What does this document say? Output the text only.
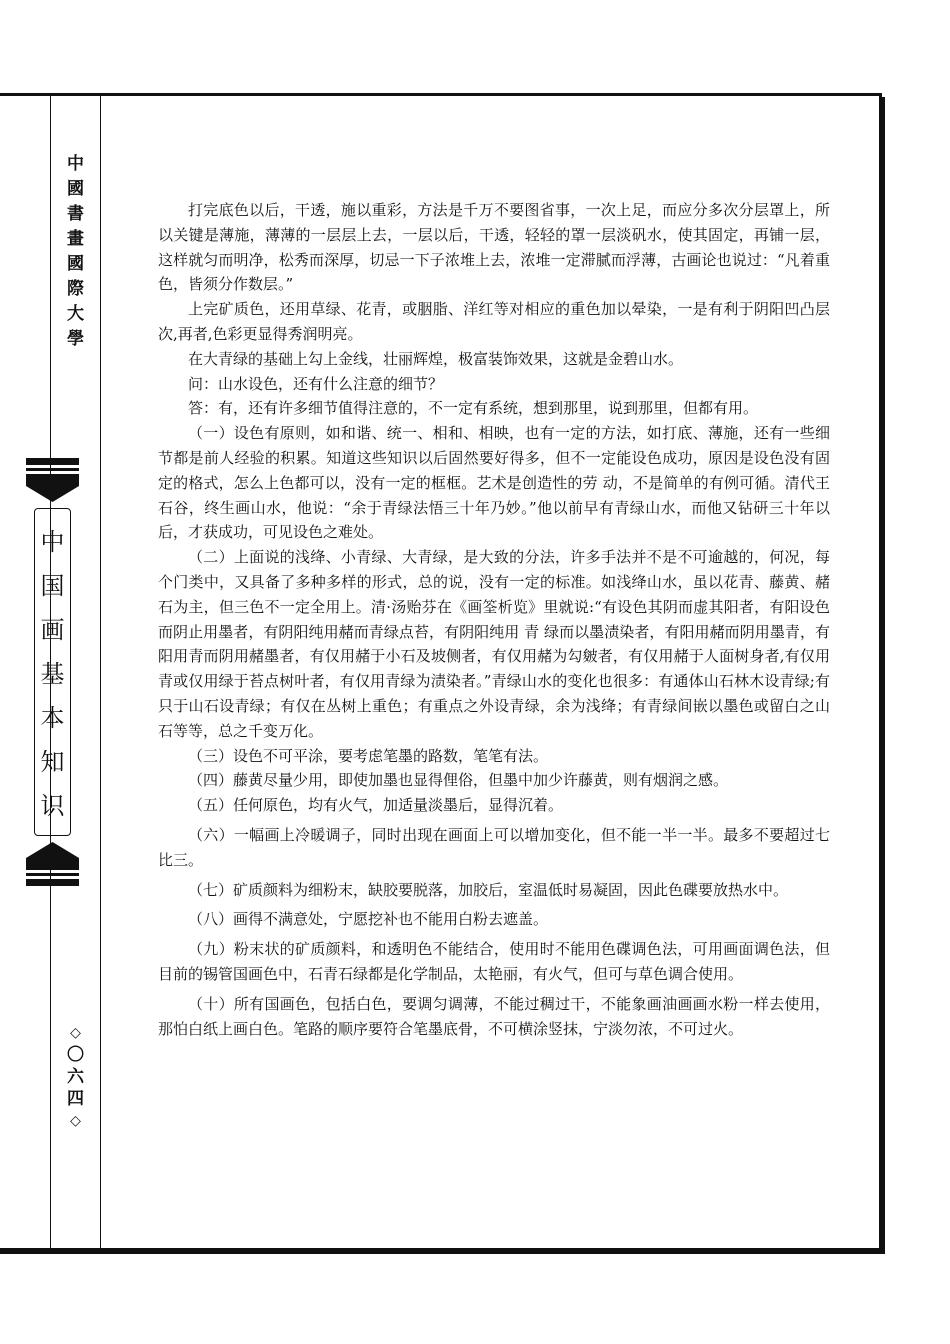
中
國
書
畫
國
際
大
學
中
国
画
基
本
知
识
◇
〇
六
四
◇

打完底色以后，干透，施以重彩，方法是千万不要图省事，一次上足，而应分多次分层罩上，所以关键是薄施，薄薄的一层层上去，一层以后，干透，轻轻的罩一层淡矾水，使其固定，再铺一层，这样就匀而明净，松秀而深厚，切忌一下子浓堆上去，浓堆一定滞腻而浮薄，古画论也说过：“凡着重色，皆须分作数层。”

上完矿质色，还用草绿、花青，或胭脂、洋红等对相应的重色加以晕染，一是有利于阴阳凹凸层次,再者,色彩更显得秀润明亮。

在大青绿的基础上勾上金线，壮丽辉煌，极富装饰效果，这就是金碧山水。

问：山水设色，还有什么注意的细节？

答：有，还有许多细节值得注意的，不一定有系统，想到那里，说到那里，但都有用。

（一）设色有原则，如和谐、统一、相和、相映，也有一定的方法，如打底、薄施，还有一些细节都是前人经验的积累。知道这些知识以后固然要好得多，但不一定能设色成功，原因是设色没有固定的格式，怎么上色都可以，没有一定的框框。艺术是创造性的劳 动，不是简单的有例可循。清代王石谷，终生画山水，他说：“余于青绿法悟三十年乃妙。”他以前早有青绿山水，而他又钻研三十年以后，才获成功，可见设色之难处。

（二）上面说的浅绛、小青绿、大青绿，是大致的分法，许多手法并不是不可逾越的，何况，每个门类中，又具备了多种多样的形式，总的说，没有一定的标准。如浅绛山水，虽以花青、藤黄、赭石为主，但三色不一定全用上。清·汤贻芬在《画筌析览》里就说:“有设色其阴而虚其阳者，有阳设色而阴止用墨者，有阴阳纯用赭而青绿点苔，有阴阳纯用 青 绿而以墨渍染者，有阳用赭而阴用墨青，有阳用青而阴用赭墨者，有仅用赭于小石及坡侧者，有仅用赭为勾皴者，有仅用赭于人面树身者,有仅用青或仅用绿于苔点树叶者，有仅用青绿为渍染者。”青绿山水的变化也很多：有通体山石林木设青绿;有只于山石设青绿；有仅在丛树上重色；有重点之外设青绿，余为浅绛；有青绿间嵌以墨色或留白之山石等等，总之千变万化。

（三）设色不可平涂，要考虑笔墨的路数，笔笔有法。

（四）藤黄尽量少用，即使加墨也显得俚俗，但墨中加少许藤黄，则有烟润之感。

（五）任何原色，均有火气，加适量淡墨后，显得沉着。

（六）一幅画上冷暖调子，同时出现在画面上可以增加变化，但不能一半一半。最多不要超过七比三。

（七）矿质颜料为细粉末，缺胶要脱落，加胶后，室温低时易凝固，因此色碟要放热水中。

（八）画得不满意处，宁愿挖补也不能用白粉去遮盖。

（九）粉末状的矿质颜料，和透明色不能结合，使用时不能用色碟调色法，可用画面调色法，但目前的锡管国画色中，石青石绿都是化学制品，太艳丽，有火气，但可与草色调合使用。

（十）所有国画色，包括白色，要调匀调薄，不能过稠过干，不能象画油画画水粉一样去使用，那怕白纸上画白色。笔路的顺序要符合笔墨底骨，不可横涂竖抹，宁淡勿浓，不可过火。
